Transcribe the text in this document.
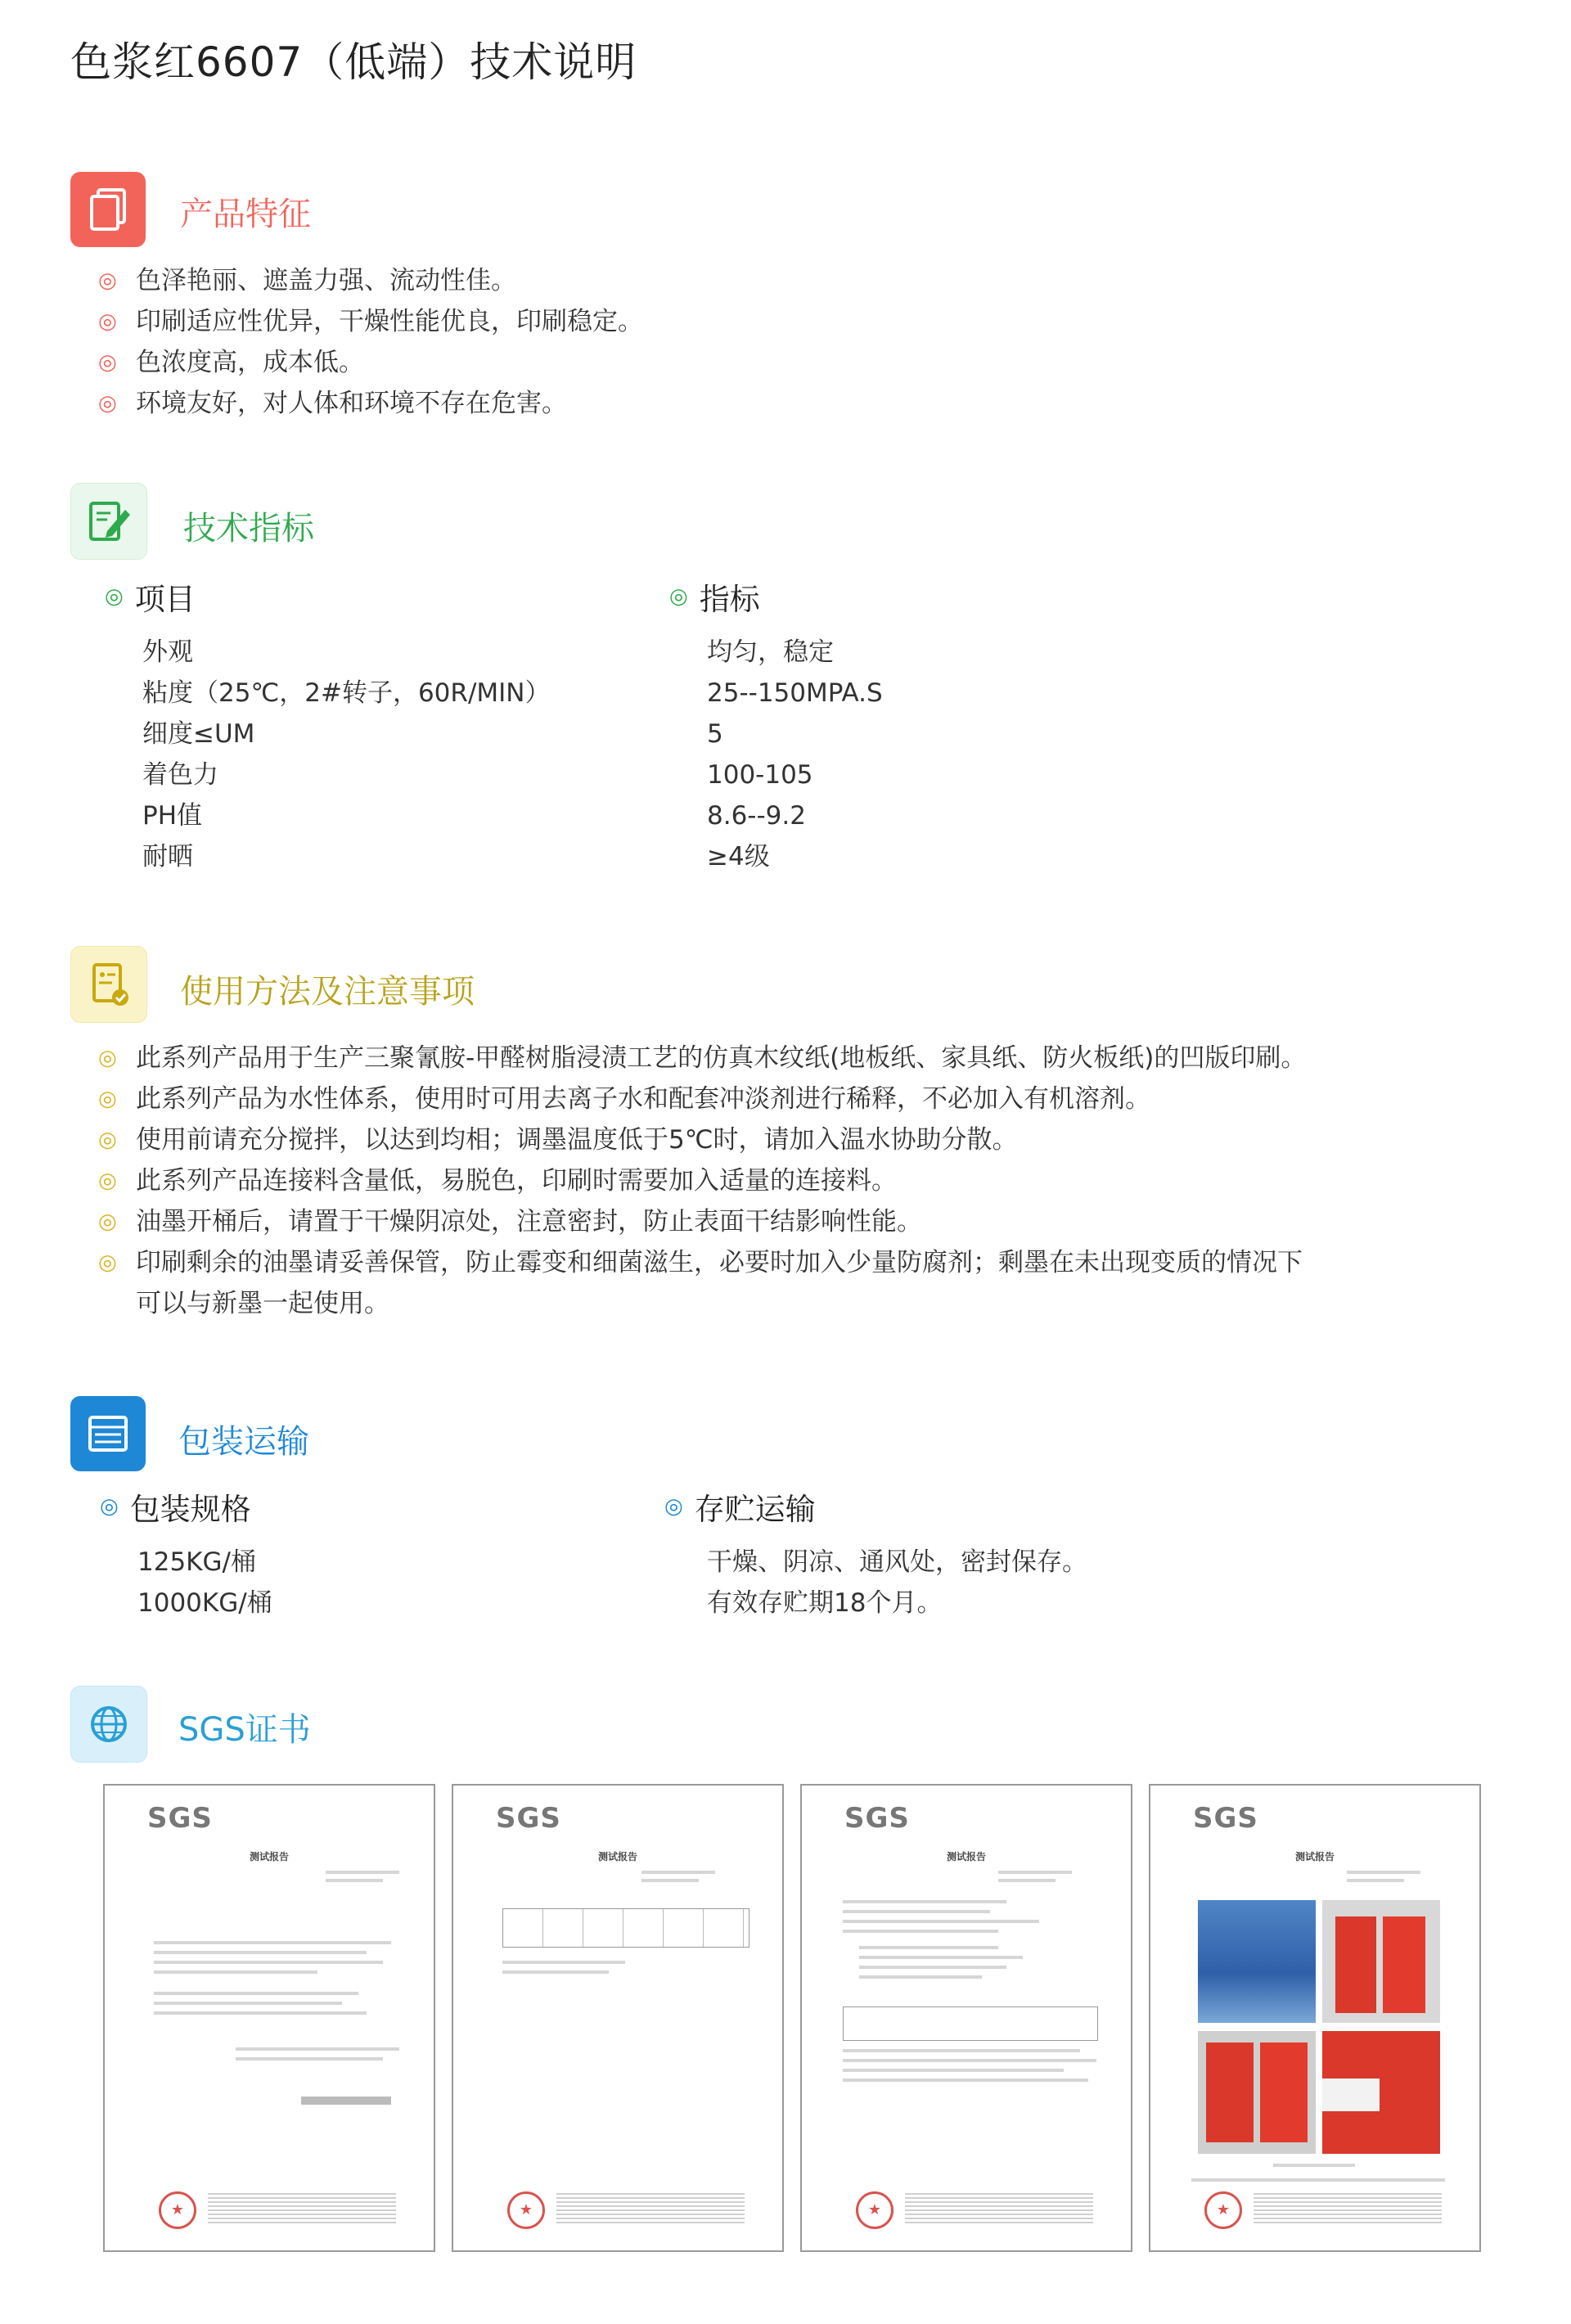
色浆红6607（低端）技术说明
产品特征
◎ 色泽艳丽、遮盖力强、流动性佳。
◎ 印刷适应性优异，干燥性能优良，印刷稳定。
◎ 色浓度高，成本低。
◎ 环境友好，对人体和环境不存在危害。
技术指标
◎ 项目	◎ 指标
外观
粘度（25℃，2#转子，60R/MIN）
细度≤UM
着色力
PH值
耐晒
均匀，稳定
25--150MPA.S
5
100-105
8.6--9.2
≥4级
使用方法及注意事项
◎ 此系列产品用于生产三聚氰胺-甲醛树脂浸渍工艺的仿真木纹纸(地板纸、家具纸、防火板纸)的凹版印刷。
◎ 此系列产品为水性体系，使用时可用去离子水和配套冲淡剂进行稀释，不必加入有机溶剂。
◎ 使用前请充分搅拌，以达到均相；调墨温度低于5℃时，请加入温水协助分散。
◎ 此系列产品连接料含量低，易脱色，印刷时需要加入适量的连接料。
◎ 油墨开桶后，请置于干燥阴凉处，注意密封，防止表面干结影响性能。
◎ 印刷剩余的油墨请妥善保管，防止霉变和细菌滋生，必要时加入少量防腐剂；剩墨在未出现变质的情况下
可以与新墨一起使用。
包装运输
◎ 包装规格	◎ 存贮运输
125KG/桶
1000KG/桶
干燥、阴凉、通风处，密封保存。
有效存贮期18个月。
SGS证书
SGS
测试报告
★
SGS
测试报告
★
SGS
测试报告
★
SGS
测试报告
★
